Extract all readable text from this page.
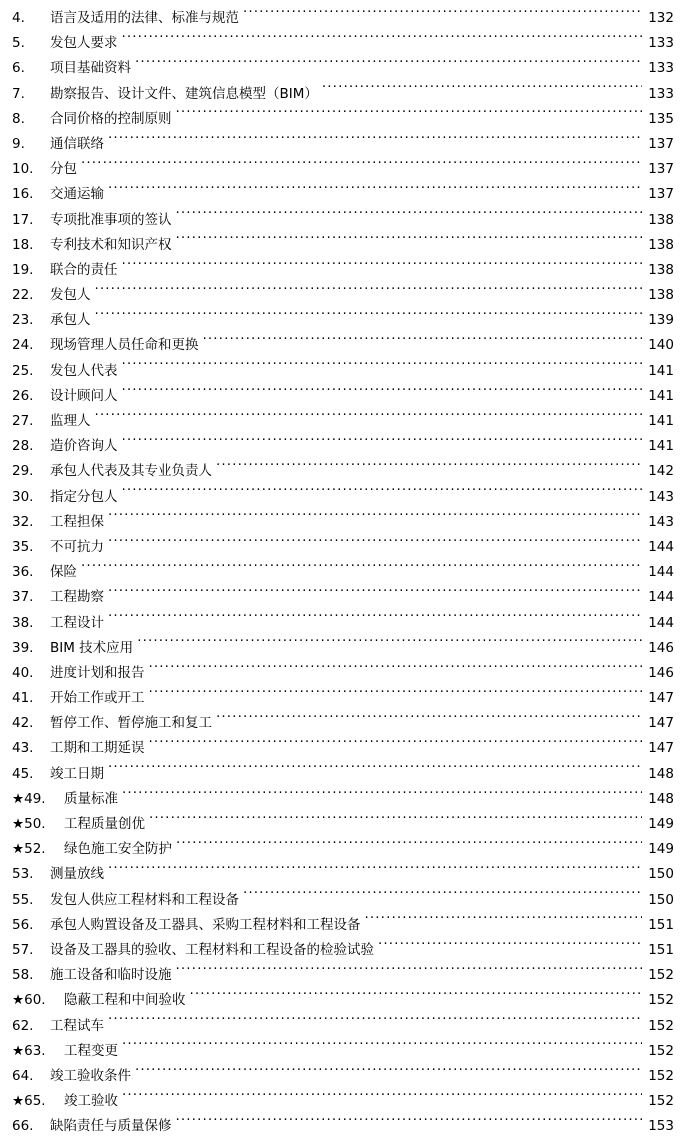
4.	语言及适用的法律、标准与规范 .....	132
5.	发包人要求 .....	133
6.	项目基础资料 .....	133
7.	勘察报告、设计文件、建筑信息模型（BIM） .....	133
8.	合同价格的控制原则 .....	135
9.	通信联络 .....	137
10.	分包 .....	137
16.	交通运输 .....	137
17.	专项批准事项的签认 .....	138
18.	专利技术和知识产权 .....	138
19.	联合的责任 .....	138
22.	发包人 .....	138
23.	承包人 .....	139
24.	现场管理人员任命和更换 .....	140
25.	发包人代表 .....	141
26.	设计顾问人 .....	141
27.	监理人 .....	141
28.	造价咨询人 .....	141
29.	承包人代表及其专业负责人 .....	142
30.	指定分包人 .....	143
32.	工程担保 .....	143
35.	不可抗力 .....	144
36.	保险 .....	144
37.	工程勘察 .....	144
38.	工程设计 .....	144
39.	BIM 技术应用 .....	146
40.	进度计划和报告 .....	146
41.	开始工作或开工 .....	147
42.	暂停工作、暂停施工和复工 .....	147
43.	工期和工期延误 .....	147
45.	竣工日期 .....	148
★49.	质量标准 .....	148
★50.	工程质量创优 .....	149
★52.	绿色施工安全防护 .....	149
53.	测量放线 .....	150
55.	发包人供应工程材料和工程设备 .....	150
56.	承包人购置设备及工器具、采购工程材料和工程设备 .....	151
57.	设备及工器具的验收、工程材料和工程设备的检验试验 .....	151
58.	施工设备和临时设施 .....	152
★60.	隐蔽工程和中间验收 .....	152
62.	工程试车 .....	152
★63.	工程变更 .....	152
64.	竣工验收条件 .....	152
★65.	竣工验收 .....	152
66.	缺陷责任与质量保修 .....	153
